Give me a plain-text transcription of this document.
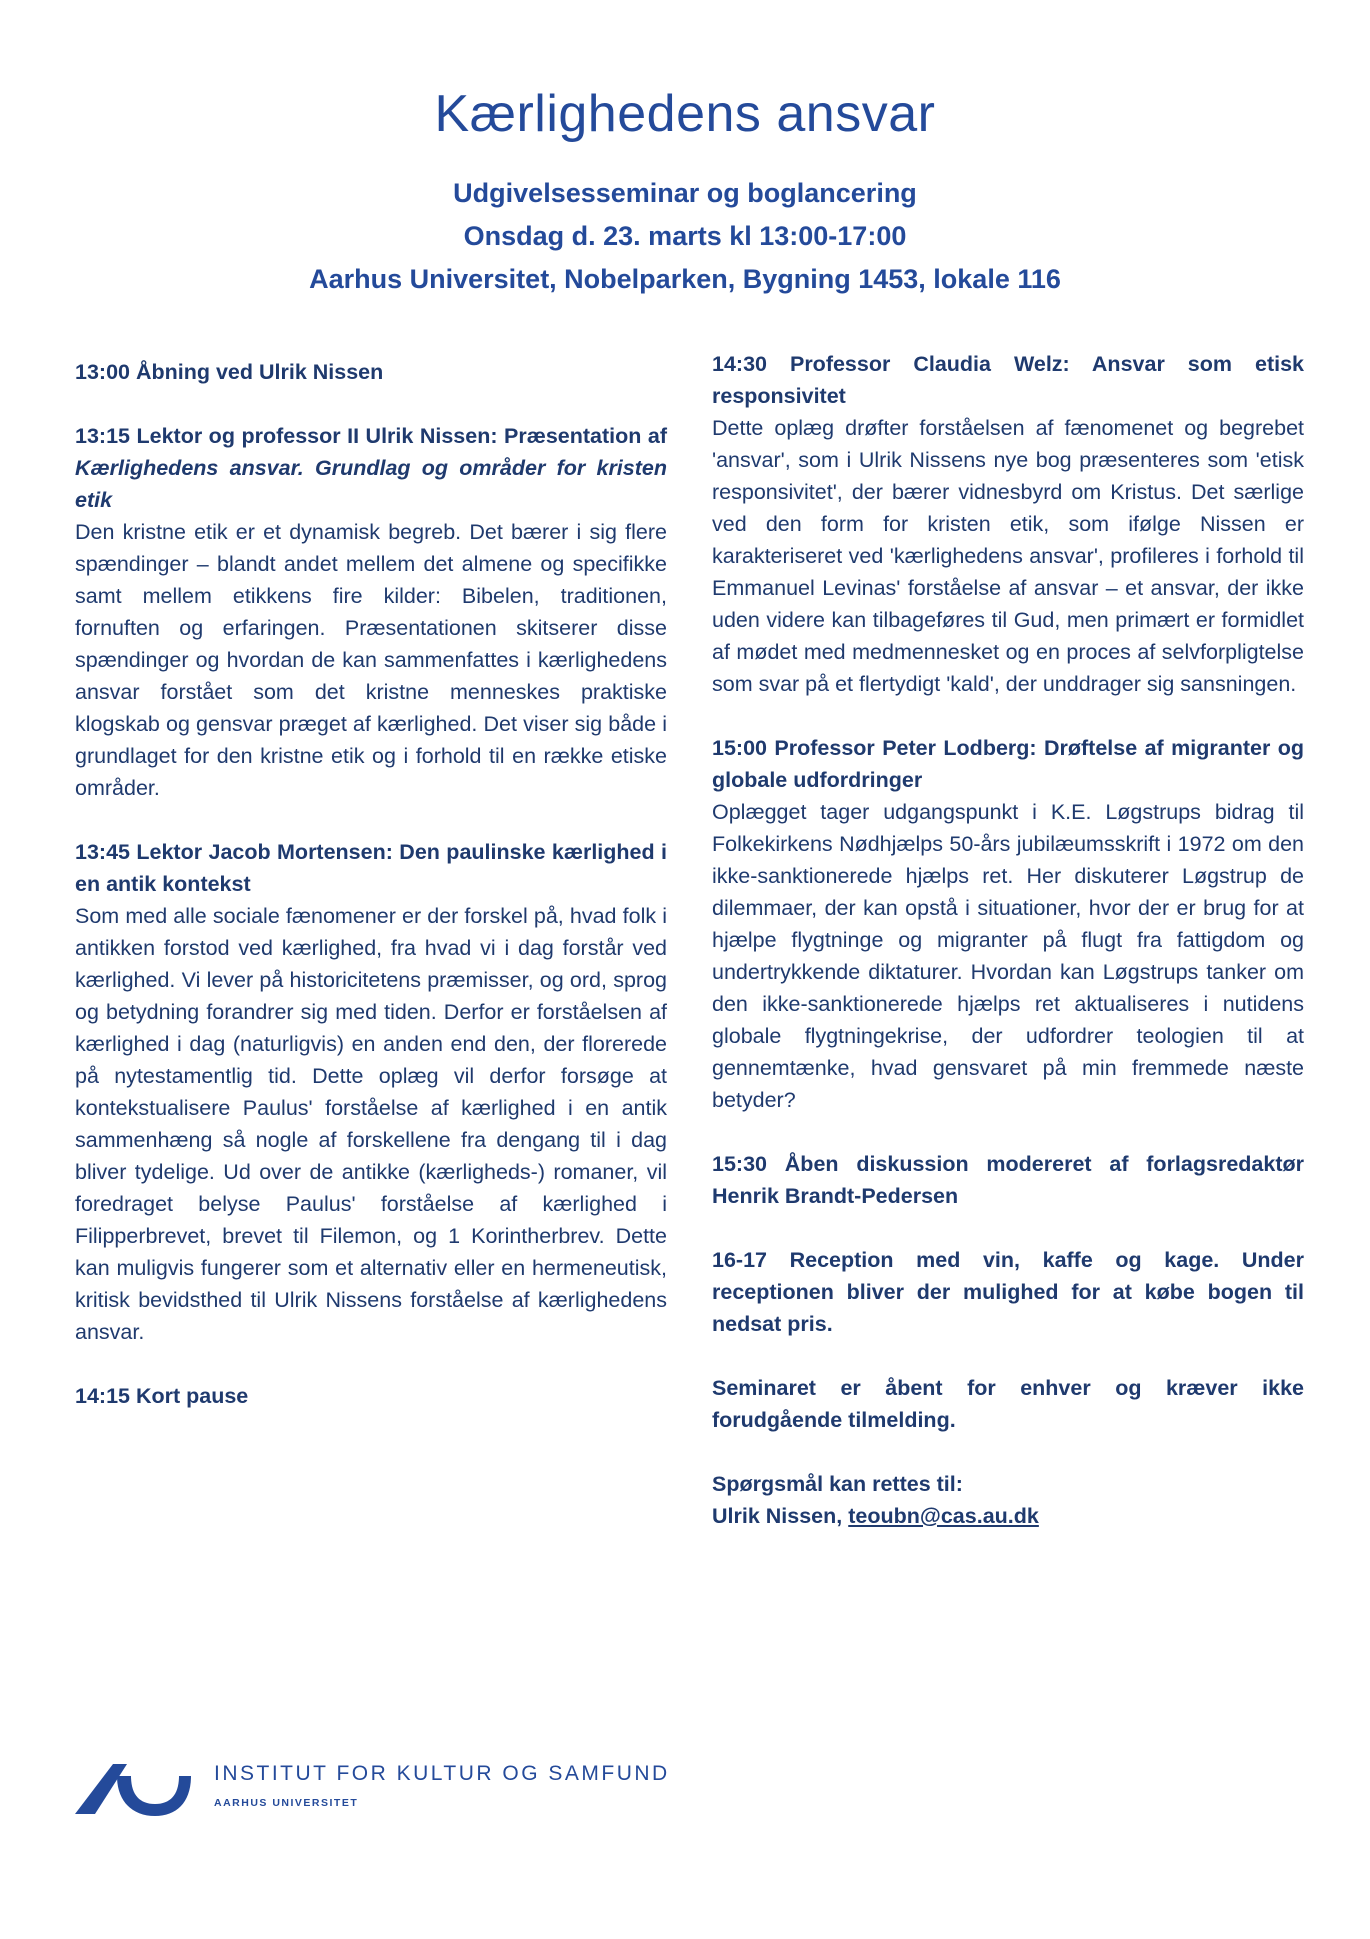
Kærlighedens ansvar
Udgivelsesseminar og boglancering
Onsdag d. 23. marts kl 13:00-17:00
Aarhus Universitet, Nobelparken, Bygning 1453, lokale 116
13:00 Åbning ved Ulrik Nissen
13:15 Lektor og professor II Ulrik Nissen: Præsentation af Kærlighedens ansvar. Grundlag og områder for kristen etik

Den kristne etik er et dynamisk begreb. Det bærer i sig flere spændinger – blandt andet mellem det almene og specifikke samt mellem etikkens fire kilder: Bibelen, traditionen, fornuften og erfaringen. Præsentationen skitserer disse spændinger og hvordan de kan sammenfattes i kærlighedens ansvar forstået som det kristne menneskes praktiske klogskab og gensvar præget af kærlighed. Det viser sig både i grundlaget for den kristne etik og i forhold til en række etiske områder.

13:45 Lektor Jacob Mortensen: Den paulinske kærlighed i en antik kontekst

Som med alle sociale fænomener er der forskel på, hvad folk i antikken forstod ved kærlighed, fra hvad vi i dag forstår ved kærlighed. Vi lever på historicitetens præmisser, og ord, sprog og betydning forandrer sig med tiden. Derfor er forståelsen af kærlighed i dag (naturligvis) en anden end den, der florerede på nytestamentlig tid. Dette oplæg vil derfor forsøge at kontekstualisere Paulus' forståelse af kærlighed i en antik sammenhæng så nogle af forskellene fra dengang til i dag bliver tydelige. Ud over de antikke (kærligheds-) romaner, vil foredraget belyse Paulus' forståelse af kærlighed i Filipperbrevet, brevet til Filemon, og 1 Korintherbrev. Dette kan muligvis fungerer som et alternativ eller en hermeneutisk, kritisk bevidsthed til Ulrik Nissens forståelse af kærlighedens ansvar.

14:15 Kort pause
14:30 Professor Claudia Welz: Ansvar som etisk responsivitet

Dette oplæg drøfter forståelsen af fænomenet og begrebet 'ansvar', som i Ulrik Nissens nye bog præsenteres som 'etisk responsivitet', der bærer vidnesbyrd om Kristus. Det særlige ved den form for kristen etik, som ifølge Nissen er karakteriseret ved 'kærlighedens ansvar', profileres i forhold til Emmanuel Levinas' forståelse af ansvar – et ansvar, der ikke uden videre kan tilbageføres til Gud, men primært er formidlet af mødet med medmennesket og en proces af selvforpligtelse som svar på et flertydigt 'kald', der unddrager sig sansningen.

15:00 Professor Peter Lodberg: Drøftelse af migranter og globale udfordringer

Oplægget tager udgangspunkt i K.E. Løgstrups bidrag til Folkekirkens Nødhjælps 50-års jubilæumsskrift i 1972 om den ikke-sanktionerede hjælps ret. Her diskuterer Løgstrup de dilemmaer, der kan opstå i situationer, hvor der er brug for at hjælpe flygtninge og migranter på flugt fra fattigdom og undertrykkende diktaturer. Hvordan kan Løgstrups tanker om den ikke-sanktionerede hjælps ret aktualiseres i nutidens globale flygtningekrise, der udfordrer teologien til at gennemtænke, hvad gensvaret på min fremmede næste betyder?

15:30 Åben diskussion modereret af forlagsredaktør Henrik Brandt-Pedersen
16-17 Reception med vin, kaffe og kage. Under receptionen bliver der mulighed for at købe bogen til nedsat pris.
Seminaret er åbent for enhver og kræver ikke forudgående tilmelding.
Spørgsmål kan rettes til:
Ulrik Nissen, teoubn@cas.au.dk
INSTITUT FOR KULTUR OG SAMFUND
AARHUS UNIVERSITET
